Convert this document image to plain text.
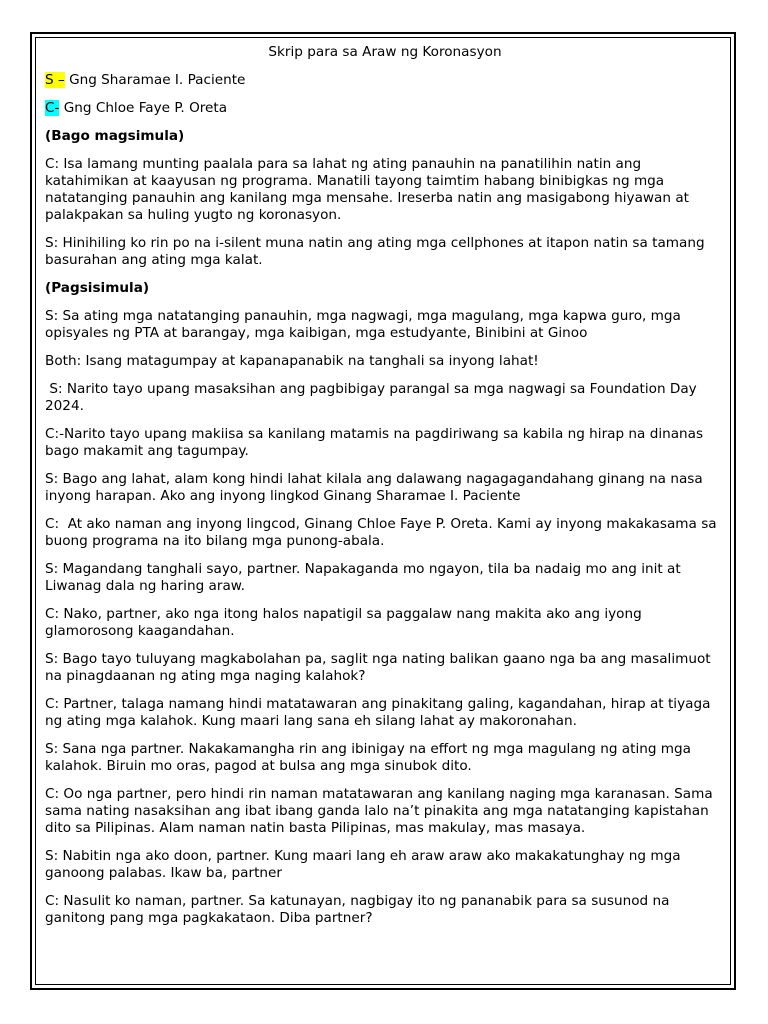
Skrip para sa Araw ng Koronasyon
S – Gng Sharamae I. Paciente
C- Gng Chloe Faye P. Oreta
(Bago magsimula)
C: Isa lamang munting paalala para sa lahat ng ating panauhin na panatilihin natin ang katahimikan at kaayusan ng programa. Manatili tayong taimtim habang binibigkas ng mga natatanging panauhin ang kanilang mga mensahe. Ireserba natin ang masigabong hiyawan at palakpakan sa huling yugto ng koronasyon.
S: Hinihiling ko rin po na i-silent muna natin ang ating mga cellphones at itapon natin sa tamang basurahan ang ating mga kalat.
(Pagsisimula)
S: Sa ating mga natatanging panauhin, mga nagwagi, mga magulang, mga kapwa guro, mga opisyales ng PTA at barangay, mga kaibigan, mga estudyante, Binibini at Ginoo
Both: Isang matagumpay at kapanapanabik na tanghali sa inyong lahat!
S: Narito tayo upang masaksihan ang pagbibigay parangal sa mga nagwagi sa Foundation Day 2024.
C:-Narito tayo upang makiisa sa kanilang matamis na pagdiriwang sa kabila ng hirap na dinanas bago makamit ang tagumpay.
S: Bago ang lahat, alam kong hindi lahat kilala ang dalawang nagagagandahang ginang na nasa inyong harapan. Ako ang inyong lingkod Ginang Sharamae I. Paciente
C:  At ako naman ang inyong lingcod, Ginang Chloe Faye P. Oreta. Kami ay inyong makakasama sa buong programa na ito bilang mga punong-abala.
S: Magandang tanghali sayo, partner. Napakaganda mo ngayon, tila ba nadaig mo ang init at Liwanag dala ng haring araw.
C: Nako, partner, ako nga itong halos napatigil sa paggalaw nang makita ako ang iyong glamorosong kaagandahan.
S: Bago tayo tuluyang magkabolahan pa, saglit nga nating balikan gaano nga ba ang masalimuot na pinagdaanan ng ating mga naging kalahok?
C: Partner, talaga namang hindi matatawaran ang pinakitang galing, kagandahan, hirap at tiyaga ng ating mga kalahok. Kung maari lang sana eh silang lahat ay makoronahan.
S: Sana nga partner. Nakakamangha rin ang ibinigay na effort ng mga magulang ng ating mga kalahok. Biruin mo oras, pagod at bulsa ang mga sinubok dito.
C: Oo nga partner, pero hindi rin naman matatawaran ang kanilang naging mga karanasan. Sama sama nating nasaksihan ang ibat ibang ganda lalo na’t pinakita ang mga natatanging kapistahan dito sa Pilipinas. Alam naman natin basta Pilipinas, mas makulay, mas masaya.
S: Nabitin nga ako doon, partner. Kung maari lang eh araw araw ako makakatunghay ng mga ganoong palabas. Ikaw ba, partner
C: Nasulit ko naman, partner. Sa katunayan, nagbigay ito ng pananabik para sa susunod na ganitong pang mga pagkakataon. Diba partner?
